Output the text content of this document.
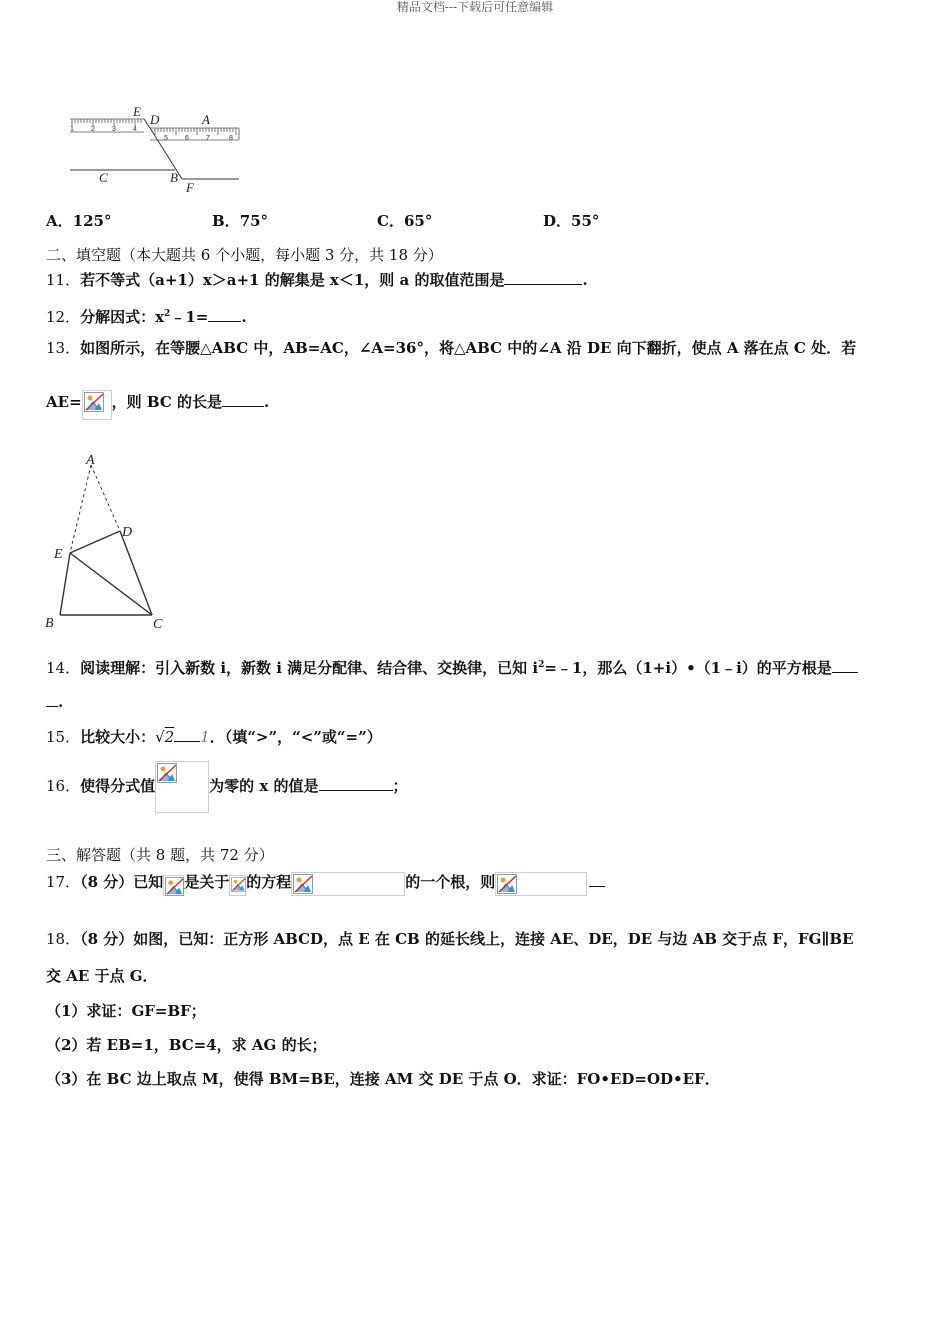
精品文档---下载后可任意编辑
E
D	A
C	B
F
1 2 3 4
5 6 7	8
A．125°	B．75°	C．65°	D．55°
二、填空题（本大题共 6 个小题，每小题 3 分，共 18 分）
11．若不等式（a+1）x＞a+1 的解集是 x＜1，则 a 的取值范围是	.
12．分解因式：$x^2﹣1=$ .
13．如图所示，在等腰△ABC 中，AB=AC，∠A=36°，将△ABC 中的∠A 沿 DE 向下翻折，使点 A 落在点 C 处．若
AE= ，则 BC 的长是	.
A
D
E
B	C
14．阅读理解：引入新数 i，新数 i 满足分配律、结合律、交换律，已知 $i^2=﹣1$，那么（1+i）•（1﹣i）的平方根是
.
15．比较大小：√2 1．（填“>”，“<”或“=”）
16．使得分式值	为零的 x 的值是	；
三、解答题（共 8 题，共 72 分）
17．（8 分）已知 是关于 的方程	的一个根，则
18．（8 分）如图，已知：正方形 ABCD，点 E 在 CB 的延长线上，连接 AE、DE，DE 与边 AB 交于点 F，FG∥BE
交 AE 于点 G．
（1）求证：GF=BF；
（2）若 EB=1，BC=4，求 AG 的长；
（3）在 BC 边上取点 M，使得 BM=BE，连接 AM 交 DE 于点 O．求证：FO•ED=OD•EF．
